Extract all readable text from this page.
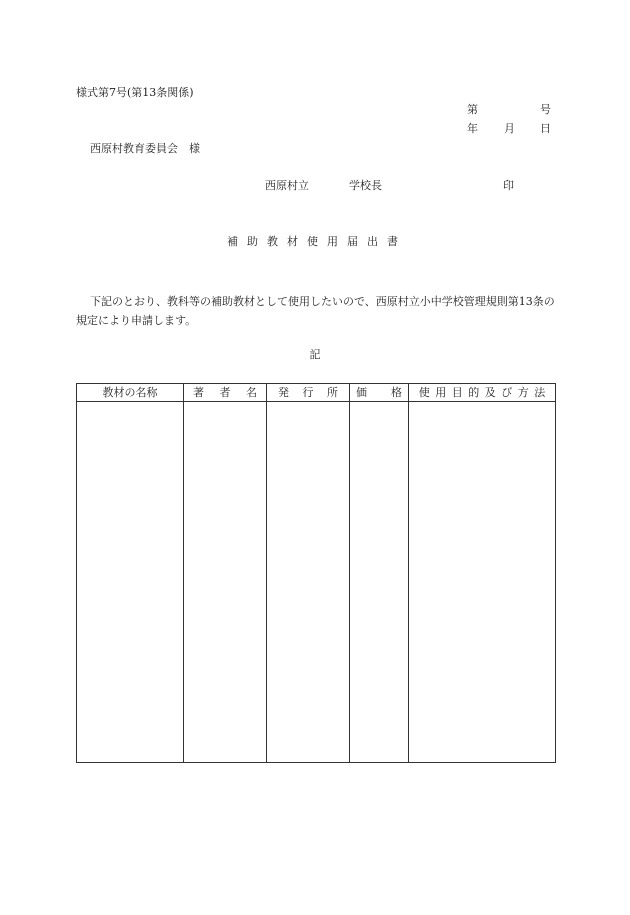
様式第7号(第13条関係)
第	号
年 月 日
西原村教育委員会　様
西原村立	学校長	印
補助教材使用届出書
下記のとおり、教科等の補助教材として使用したいので、西原村立小中学校管理規則第13条の規定により申請します。
記
教材の名称	著 者 名	発 行 所	価 格	使 用 目 的 及 び 方 法
